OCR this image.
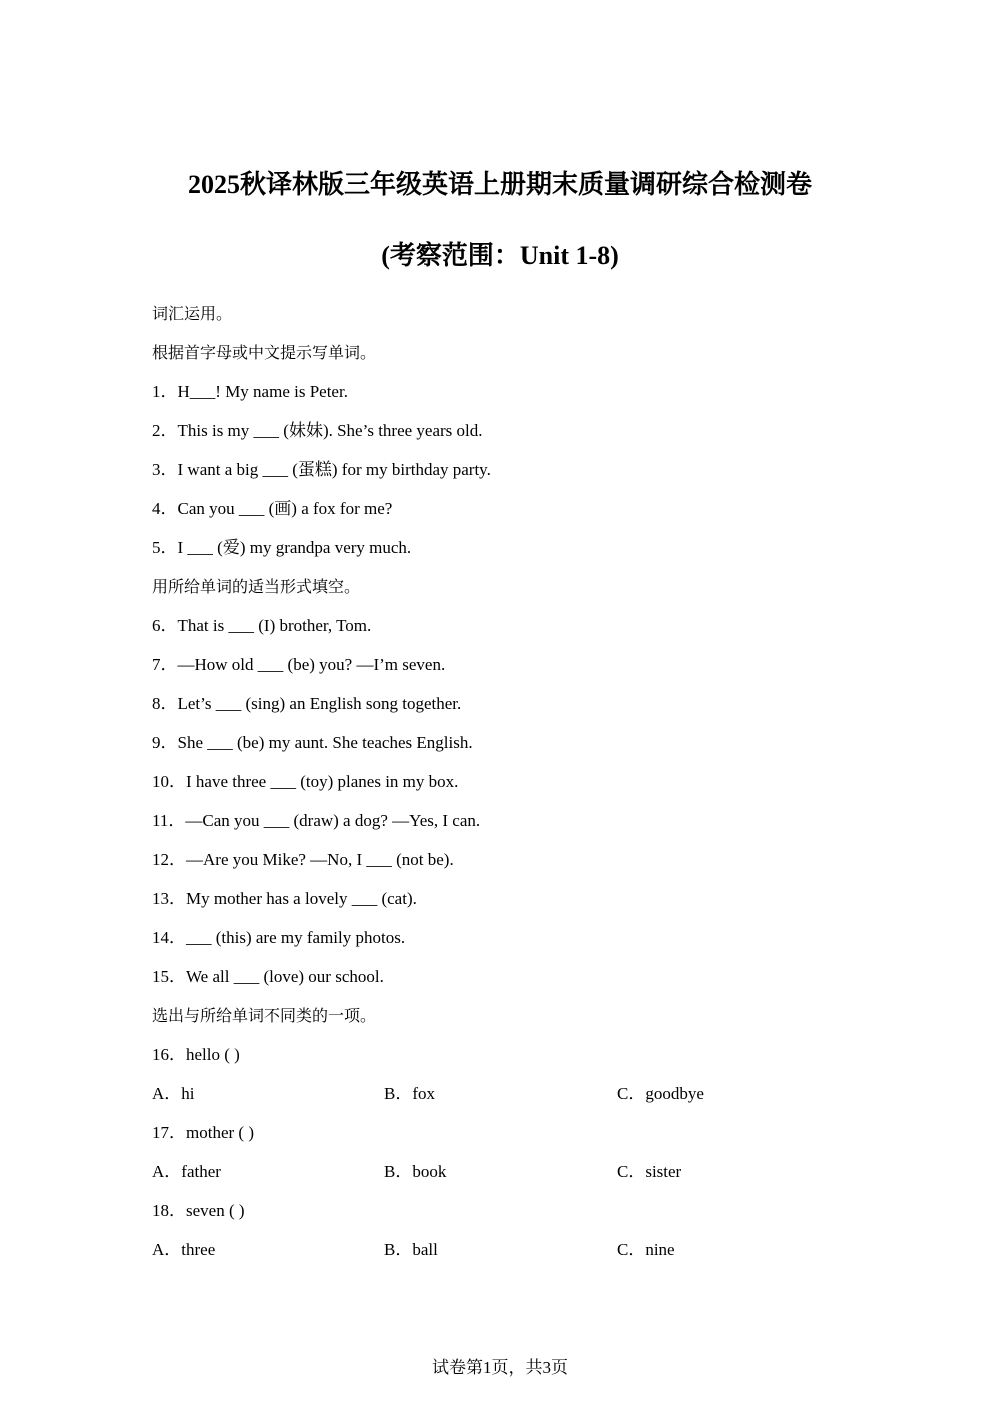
2025秋译林版三年级英语上册期末质量调研综合检测卷
(考察范围：Unit 1-8)
词汇运用。
根据首字母或中文提示写单词。
1．H___! My name is Peter.
2．This is my ___ (妹妹). She’s three years old.
3．I want a big ___ (蛋糕) for my birthday party.
4．Can you ___ (画) a fox for me?
5．I ___ (爱) my grandpa very much.
用所给单词的适当形式填空。
6．That is ___ (I) brother, Tom.
7．—How old ___ (be) you? —I’m seven.
8．Let’s ___ (sing) an English song together.
9．She ___ (be) my aunt. She teaches English.
10．I have three ___ (toy) planes in my box.
11．—Can you ___ (draw) a dog? —Yes, I can.
12．—Are you Mike? —No, I ___ (not be).
13．My mother has a lovely ___ (cat).
14．___ (this) are my family photos.
15．We all ___ (love) our school.
选出与所给单词不同类的一项。
16．hello ( )
A．hi	B．fox	C．goodbye
17．mother ( )
A．father	B．book	C．sister
18．seven ( )
A．three	B．ball	C．nine
试卷第1页，共3页
